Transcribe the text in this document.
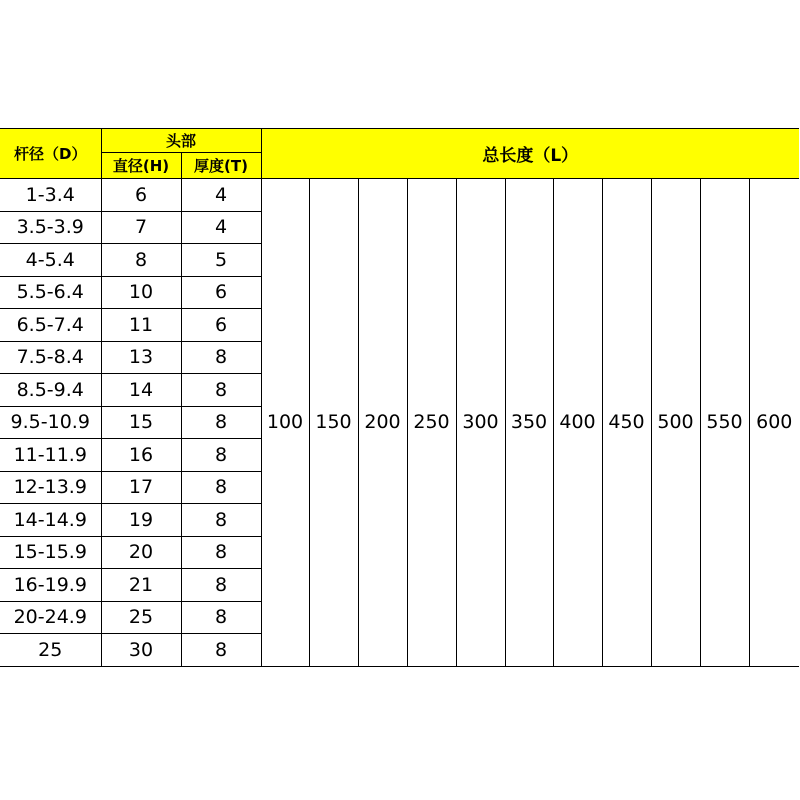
杆径（D）	头部		总长度（L）										
	直径(H)	厚度(T)											
1-3.4	6	4	100	150	200	250	300	350	400	450	500	550	600
3.5-3.9	7	4											
4-5.4	8	5											
5.5-6.4	10	6											
6.5-7.4	11	6											
7.5-8.4	13	8											
8.5-9.4	14	8											
9.5-10.9	15	8											
11-11.9	16	8											
12-13.9	17	8											
14-14.9	19	8											
15-15.9	20	8											
16-19.9	21	8											
20-24.9	25	8											
25	30	8											
